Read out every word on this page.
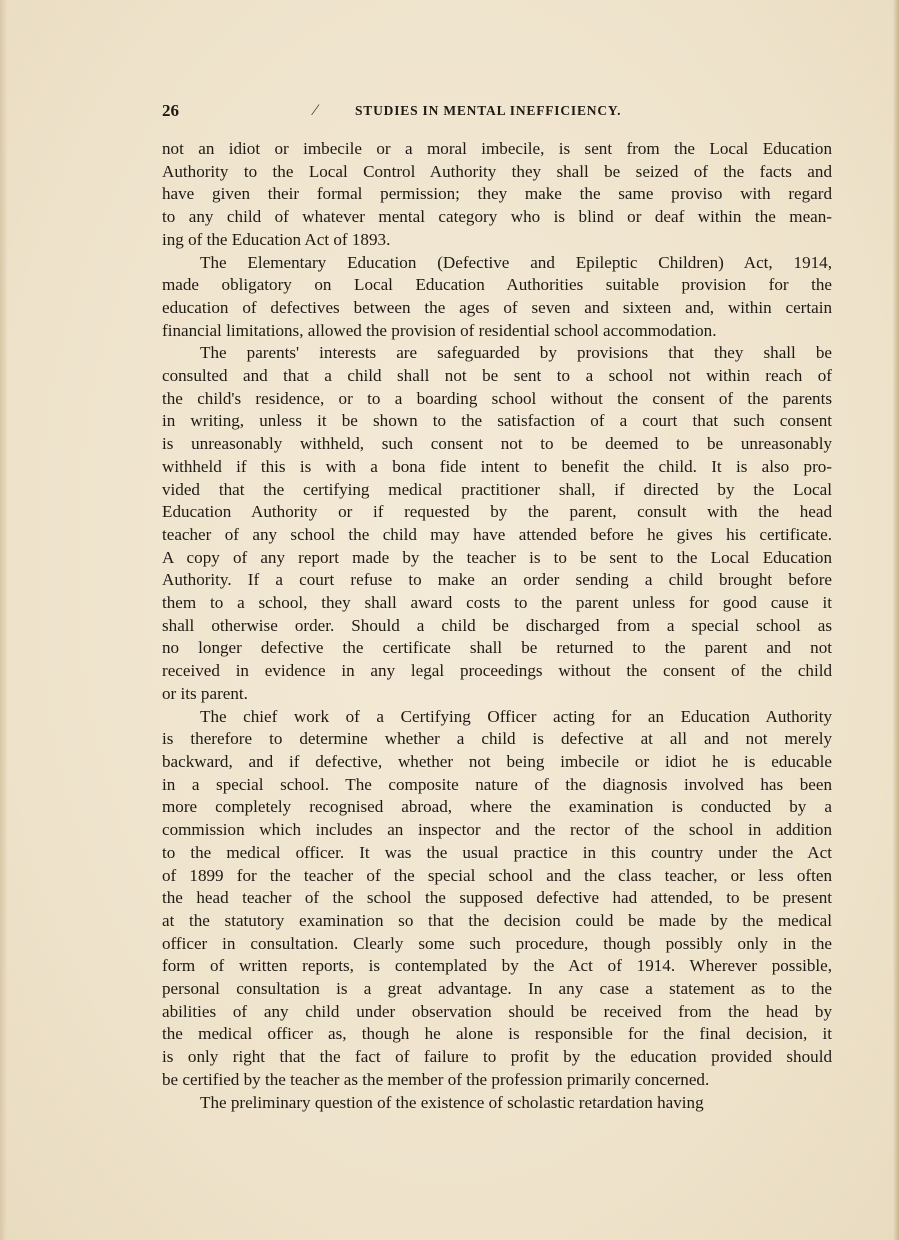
26	∕	STUDIES IN MENTAL INEFFICIENCY.

not an idiot or imbecile or a moral imbecile, is sent from the Local Education
Authority to the Local Control Authority they shall be seized of the facts and
have given their formal permission; they make the same proviso with regard
to any child of whatever mental category who is blind or deaf within the mean-
ing of the Education Act of 1893.

The Elementary Education (Defective and Epileptic Children) Act, 1914,
made obligatory on Local Education Authorities suitable provision for the
education of defectives between the ages of seven and sixteen and, within certain
financial limitations, allowed the provision of residential school accommodation.

The parents' interests are safeguarded by provisions that they shall be
consulted and that a child shall not be sent to a school not within reach of
the child's residence, or to a boarding school without the consent of the parents
in writing, unless it be shown to the satisfaction of a court that such consent
is unreasonably withheld, such consent not to be deemed to be unreasonably
withheld if this is with a bona fide intent to benefit the child. It is also pro-
vided that the certifying medical practitioner shall, if directed by the Local
Education Authority or if requested by the parent, consult with the head
teacher of any school the child may have attended before he gives his certificate.
A copy of any report made by the teacher is to be sent to the Local Education
Authority. If a court refuse to make an order sending a child brought before
them to a school, they shall award costs to the parent unless for good cause it
shall otherwise order. Should a child be discharged from a special school as
no longer defective the certificate shall be returned to the parent and not
received in evidence in any legal proceedings without the consent of the child
or its parent.

The chief work of a Certifying Officer acting for an Education Authority
is therefore to determine whether a child is defective at all and not merely
backward, and if defective, whether not being imbecile or idiot he is educable
in a special school. The composite nature of the diagnosis involved has been
more completely recognised abroad, where the examination is conducted by a
commission which includes an inspector and the rector of the school in addition
to the medical officer. It was the usual practice in this country under the Act
of 1899 for the teacher of the special school and the class teacher, or less often
the head teacher of the school the supposed defective had attended, to be present
at the statutory examination so that the decision could be made by the medical
officer in consultation. Clearly some such procedure, though possibly only in the
form of written reports, is contemplated by the Act of 1914. Wherever possible,
personal consultation is a great advantage. In any case a statement as to the
abilities of any child under observation should be received from the head by
the medical officer as, though he alone is responsible for the final decision, it
is only right that the fact of failure to profit by the education provided should
be certified by the teacher as the member of the profession primarily concerned.

The preliminary question of the existence of scholastic retardation having
